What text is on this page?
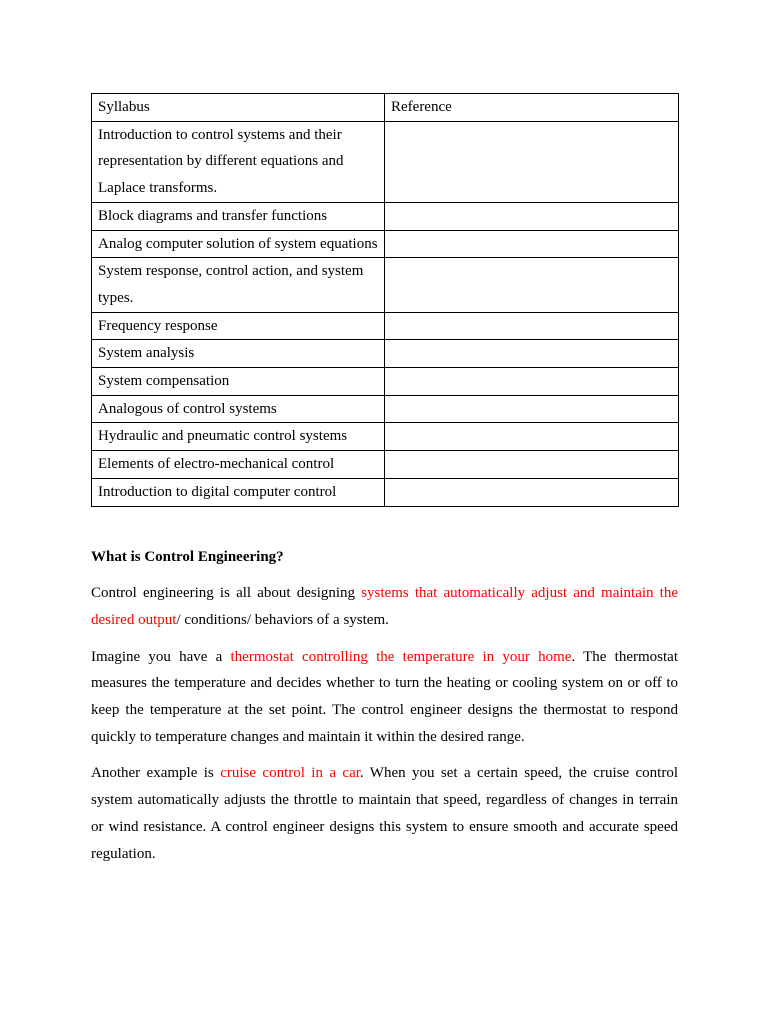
Syllabus	Reference
Introduction to control systems and their representation by different equations and Laplace transforms.	
Block diagrams and transfer functions	
Analog computer solution of system equations	
System response, control action, and system types.	
Frequency response	
System analysis	
System compensation	
Analogous of control systems	
Hydraulic and pneumatic control systems	
Elements of electro-mechanical control	
Introduction to digital computer control	
What is Control Engineering?

Control engineering is all about designing systems that automatically adjust and maintain the desired output/ conditions/ behaviors of a system.

Imagine you have a thermostat controlling the temperature in your home. The thermostat measures the temperature and decides whether to turn the heating or cooling system on or off to keep the temperature at the set point. The control engineer designs the thermostat to respond quickly to temperature changes and maintain it within the desired range.

Another example is cruise control in a car. When you set a certain speed, the cruise control system automatically adjusts the throttle to maintain that speed, regardless of changes in terrain or wind resistance. A control engineer designs this system to ensure smooth and accurate speed regulation.
